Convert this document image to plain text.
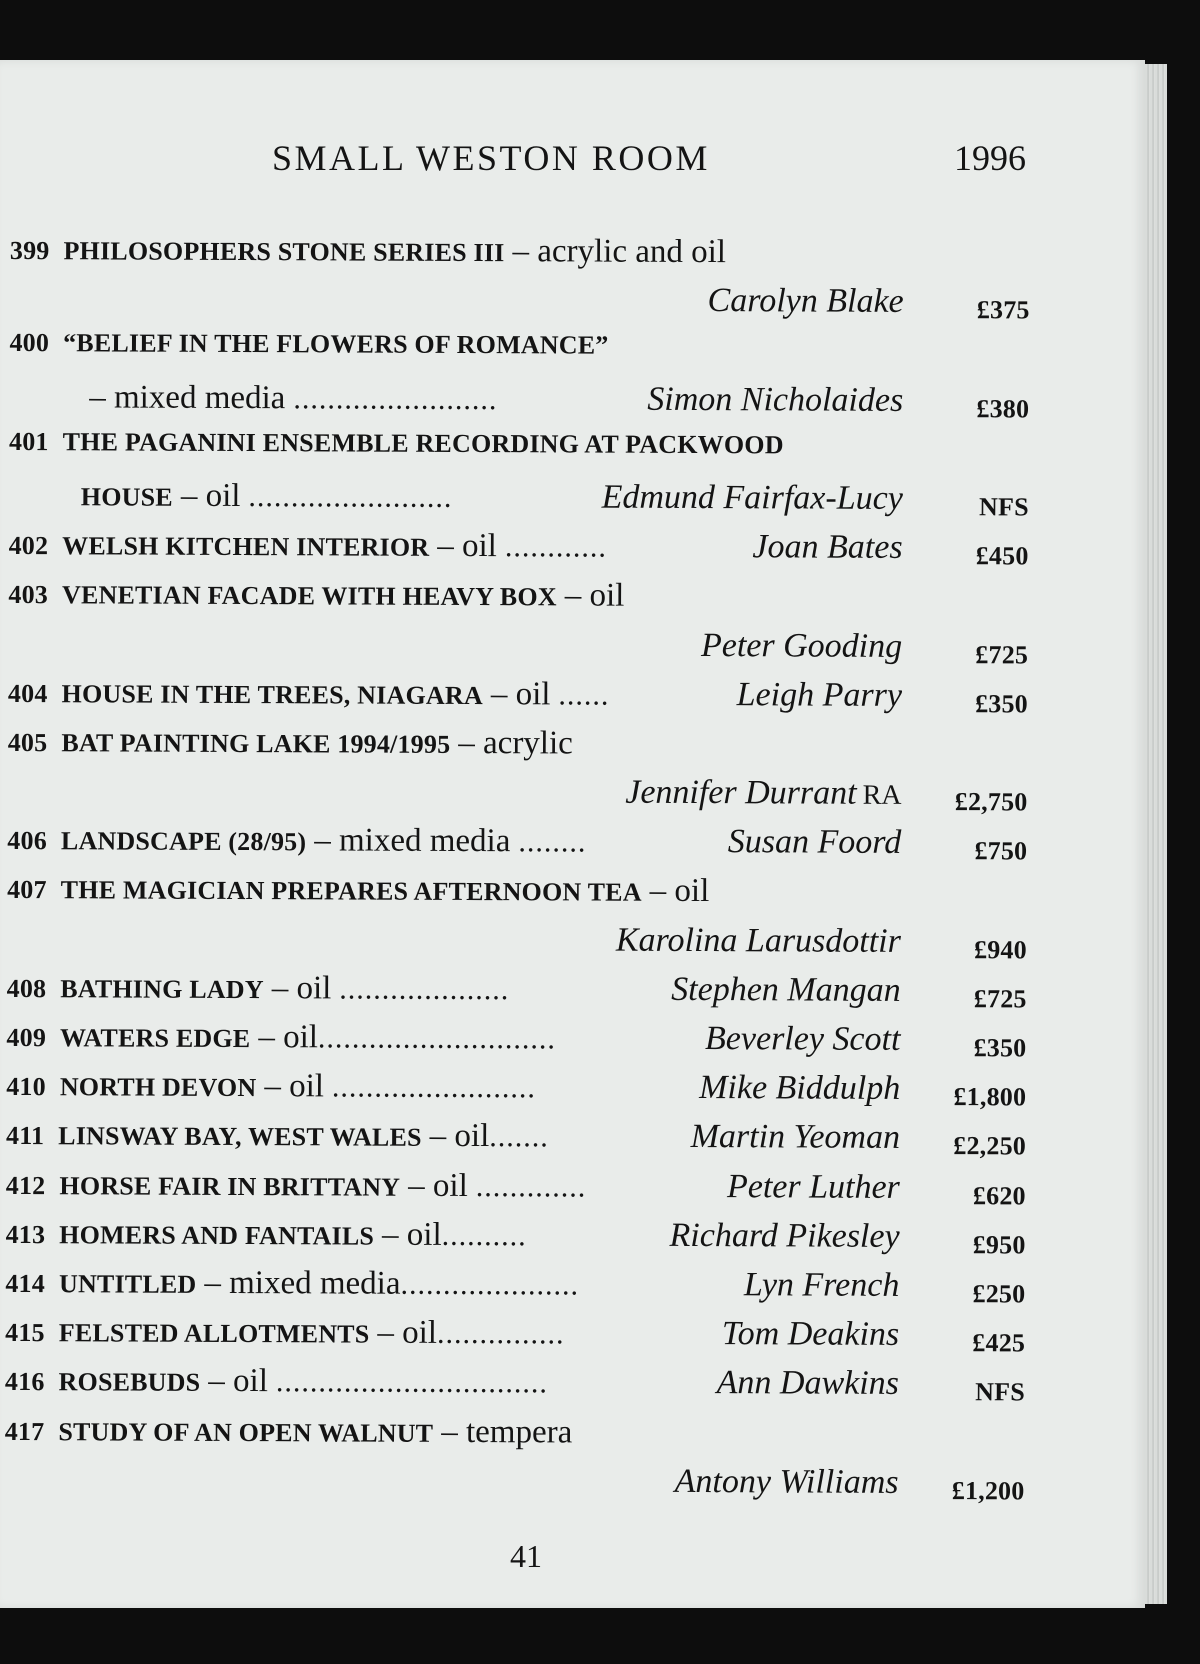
SMALL WESTON ROOM	1996
399 PHILOSOPHERS STONE SERIES III
– acrylic and oil
Carolyn Blake	£375
400 “BELIEF IN THE FLOWERS OF ROMANCE”
– mixed media
........................	Simon Nicholaides	£380
401 THE PAGANINI ENSEMBLE RECORDING AT PACKWOOD
HOUSE
– oil
........................	Edmund Fairfax-Lucy	NFS
402 WELSH KITCHEN INTERIOR
– oil
............	Joan Bates	£450
403 VENETIAN FACADE WITH HEAVY BOX
– oil
Peter Gooding	£725
404 HOUSE IN THE TREES, NIAGARA
– oil
......	Leigh Parry	£350
405 BAT PAINTING LAKE 1994/1995
– acrylic
Jennifer Durrant RA £2,750
406 LANDSCAPE (28/95)
– mixed media
........	Susan Foord	£750
407 THE MAGICIAN PREPARES AFTERNOON TEA
– oil
Karolina Larusdottir	£940
408 BATHING LADY
– oil
....................	Stephen Mangan	£725
409 WATERS EDGE
– oil ............................	Beverley Scott	£350
410 NORTH DEVON
– oil
........................	Mike Biddulph £1,800
411 LINSWAY BAY, WEST WALES
– oil .......	Martin Yeoman £2,250
412 HORSE FAIR IN BRITTANY
– oil
.............	Peter Luther	£620
413 HOMERS AND FANTAILS
– oil ..........	Richard Pikesley	£950
414 UNTITLED
– mixed media .....................	Lyn French	£250
415 FELSTED ALLOTMENTS
– oil ...............	Tom Deakins	£425
416 ROSEBUDS
– oil
................................	Ann Dawkins	NFS
417 STUDY OF AN OPEN WALNUT
– tempera
Antony Williams £1,200
41
